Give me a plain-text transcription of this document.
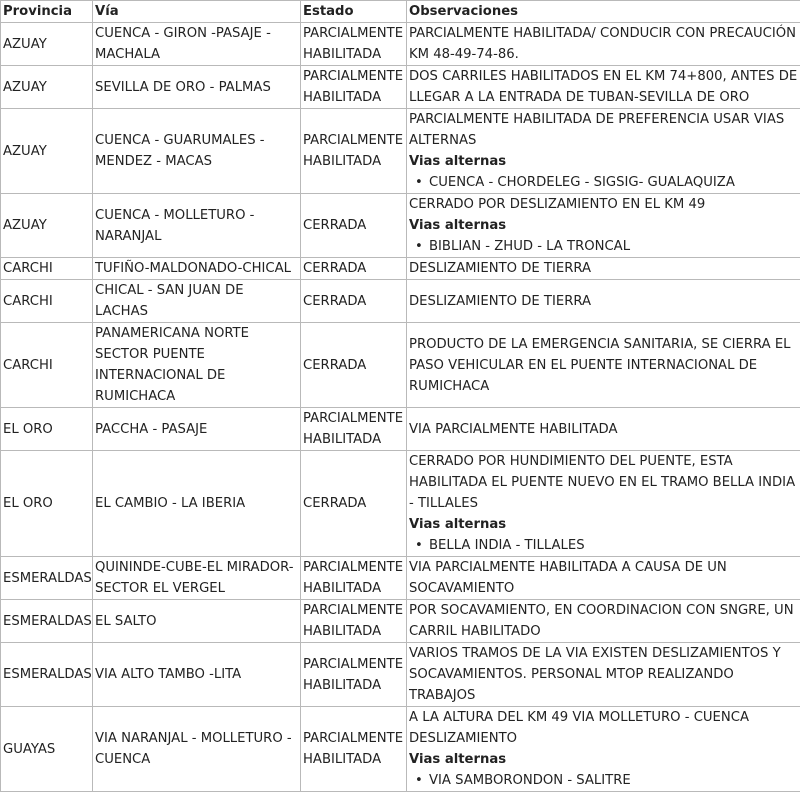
Provincia	Vía	Estado	Observaciones
AZUAY	CUENCA - GIRON -PASAJE - MACHALA	PARCIALMENTE HABILITADA	PARCIALMENTE HABILITADA/ CONDUCIR CON PRECAUCIÓN KM 48-49-74-86.

AZUAY	SEVILLA DE ORO - PALMAS	PARCIALMENTE HABILITADA	DOS CARRILES HABILITADOS EN EL KM 74+800, ANTES DE LLEGAR A LA ENTRADA DE TUBAN-SEVILLA DE ORO

AZUAY	CUENCA - GUARUMALES - MENDEZ - MACAS	PARCIALMENTE HABILITADA	PARCIALMENTE HABILITADA DE PREFERENCIA USAR VIAS ALTERNAS
Vias alternas
• CUENCA - CHORDELEG - SIGSIG- GUALAQUIZA

AZUAY	CUENCA - MOLLETURO - NARANJAL	CERRADA	CERRADO POR DESLIZAMIENTO EN EL KM 49
Vias alternas
• BIBLIAN - ZHUD - LA TRONCAL

CARCHI	TUFIÑO-MALDONADO-CHICAL	CERRADA	DESLIZAMIENTO DE TIERRA

CARCHI	CHICAL - SAN JUAN DE LACHAS	CERRADA	DESLIZAMIENTO DE TIERRA

CARCHI	PANAMERICANA NORTE SECTOR PUENTE INTERNACIONAL DE RUMICHACA	CERRADA	PRODUCTO DE LA EMERGENCIA SANITARIA, SE CIERRA EL PASO VEHICULAR EN EL PUENTE INTERNACIONAL DE RUMICHACA

EL ORO	PACCHA - PASAJE	PARCIALMENTE HABILITADA	VIA PARCIALMENTE HABILITADA

EL ORO	EL CAMBIO - LA IBERIA	CERRADA	CERRADO POR HUNDIMIENTO DEL PUENTE, ESTA HABILITADA EL PUENTE NUEVO EN EL TRAMO BELLA INDIA - TILLALES
Vias alternas
• BELLA INDIA - TILLALES

ESMERALDAS	QUININDE-CUBE-EL MIRADOR-SECTOR EL VERGEL	PARCIALMENTE HABILITADA	VIA PARCIALMENTE HABILITADA A CAUSA DE UN SOCAVAMIENTO

ESMERALDAS	EL SALTO	PARCIALMENTE HABILITADA	POR SOCAVAMIENTO, EN COORDINACION CON SNGRE, UN CARRIL HABILITADO

ESMERALDAS	VIA ALTO TAMBO -LITA	PARCIALMENTE HABILITADA	VARIOS TRAMOS DE LA VIA EXISTEN DESLIZAMIENTOS Y SOCAVAMIENTOS. PERSONAL MTOP REALIZANDO TRABAJOS

GUAYAS	VIA NARANJAL - MOLLETURO - CUENCA	PARCIALMENTE HABILITADA	A LA ALTURA DEL KM 49 VIA MOLLETURO - CUENCA DESLIZAMIENTO
Vias alternas
• VIA SAMBORONDON - SALITRE
